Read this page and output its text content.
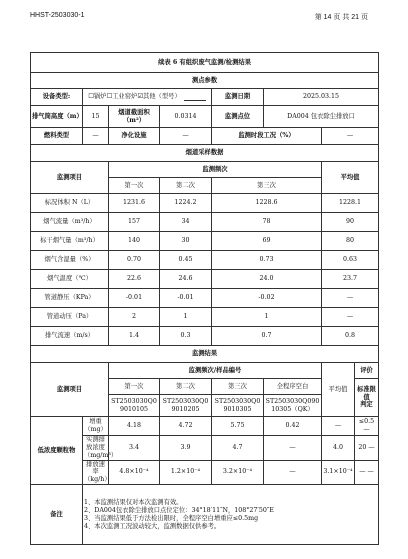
HHST-2503030-1	第 14 页 共 21 页
续表 6 有组织废气监测/检测结果							
测点参数							
设备类型:	☐锅炉☐工业窑炉☑其他（型号）			监测日期	2025.03.15		
排气筒高度（m）	15	烟道截面积（m²）	0.0314	监测点位	DA004 包衣除尘排放口		
燃料类型	—	净化设施	—	监测时段工况（%）		—	
烟道采样数据							
监测项目		监测频次				平均值	
		第一次	第二次	第三次			
标况体积 N（L）		1231.6	1224.2	1228.6		1228.1	
烟气流量（m³/h）		157	34	78		90	
标干烟气量（m³/h）		140	30	69		80	
烟气含湿量（%）		0.70	0.45	0.73		0.63	
烟气温度（℃）		22.6	24.6	24.0		23.7	
管道静压（KPa）		-0.01	-0.01	-0.02		—	
管道动压（Pa）		2	1	1		—	
排气流速（m/s）		1.4	0.3	0.7		0.8	
监测结果							
监测项目		监测频次/样品编号				平均值	评价
		第一次	第二次	第三次	全程序空白		标准限值
判定
		ST2503030Q09010105	ST2503030Q09010205	ST2503030Q09010305	ST2503030Q09010305（QK）		
低浓度颗粒物	增重（mg）	4.18	4.72	5.75	0.42	—	≤0.5 —
	实测排放浓度（mg/m³）	3.4	3.9	4.7	—	4.0	20 —
	排放速率（kg/h）	4.8×10⁻⁴	1.2×10⁻⁴	3.2×10⁻⁴	—	3.1×10⁻⁴	— —
备注	1、本监测结果仅对本次监测有效。
2、DA004包衣除尘排放口点位定位：34°18′11″N，108°27′50″E
3、当监测结果低于方法检出限时，全程序空白增重应≤0.5mg
4、本次监测工况波动较大，监测数据仅供参考。						
